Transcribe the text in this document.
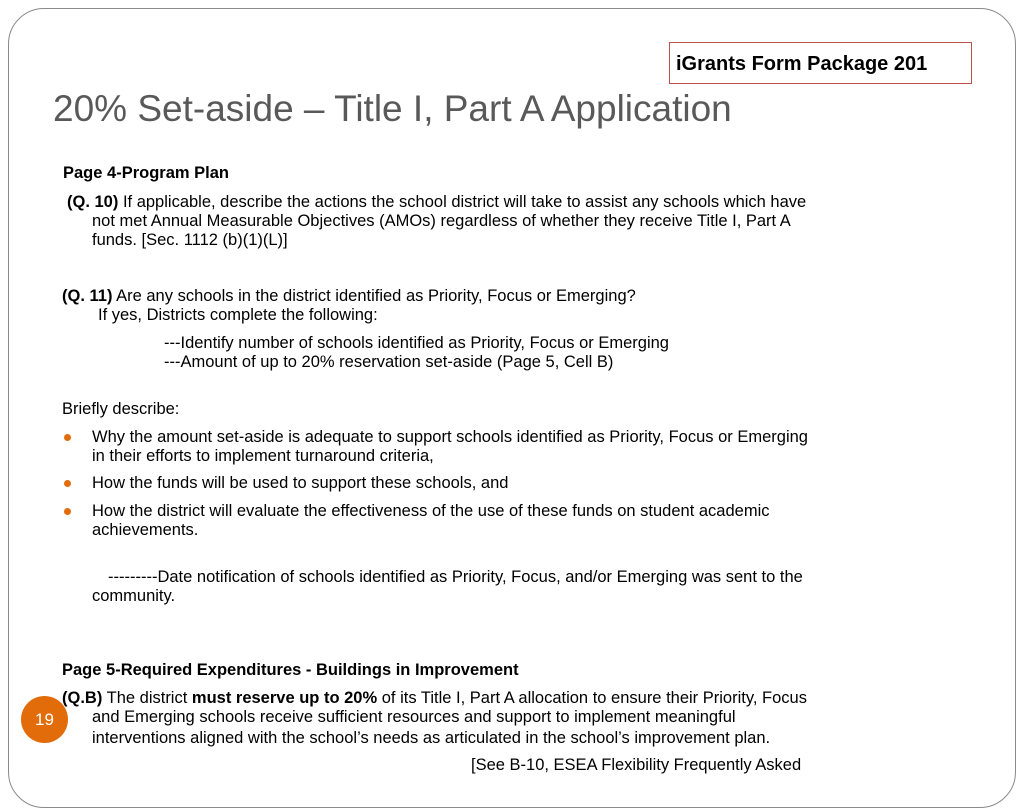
iGrants Form Package 201
20% Set-aside – Title I, Part A Application
Page 4-Program Plan
(Q. 10) If applicable, describe the actions the school district will take to assist any schools which have
not met Annual Measurable Objectives (AMOs) regardless of whether they receive Title I, Part A
funds. [Sec. 1112 (b)(1)(L)]
(Q. 11) Are any schools in the district identified as Priority, Focus or Emerging?
If yes, Districts complete the following:
---Identify number of schools identified as Priority, Focus or Emerging
---Amount of up to 20% reservation set-aside (Page 5, Cell B)
Briefly describe:
Why the amount set-aside is adequate to support schools identified as Priority, Focus or Emerging
in their efforts to implement turnaround criteria,
How the funds will be used to support these schools, and
How the district will evaluate the effectiveness of the use of these funds on student academic
achievements.
---------Date notification of schools identified as Priority, Focus, and/or Emerging was sent to the
community.
Page 5-Required Expenditures - Buildings in Improvement
(Q.B) The district must reserve up to 20% of its Title I, Part A allocation to ensure their Priority, Focus
and Emerging schools receive sufficient resources and support to implement meaningful
interventions aligned with the school’s needs as articulated in the school’s improvement plan.
[See B-10, ESEA Flexibility Frequently Asked
19
